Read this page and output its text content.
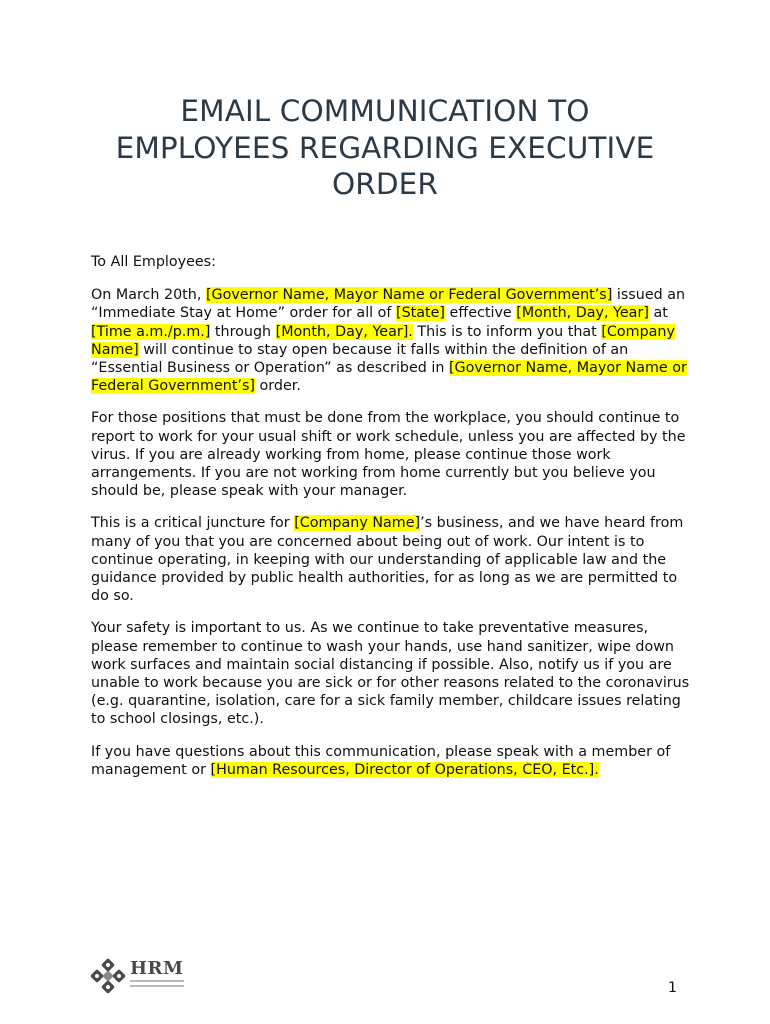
EMAIL COMMUNICATION TO
EMPLOYEES REGARDING EXECUTIVE
ORDER

To All Employees:

On March 20th, [Governor Name, Mayor Name or Federal Government’s] issued an “Immediate Stay at Home” order for all of [State] effective [Month, Day, Year] at [Time a.m./p.m.] through [Month, Day, Year]. This is to inform you that [Company Name] will continue to stay open because it falls within the definition of an “Essential Business or Operation” as described in [Governor Name, Mayor Name or Federal Government’s] order.

For those positions that must be done from the workplace, you should continue to report to work for your usual shift or work schedule, unless you are affected by the virus. If you are already working from home, please continue those work arrangements. If you are not working from home currently but you believe you should be, please speak with your manager.

This is a critical juncture for [Company Name]’s business, and we have heard from many of you that you are concerned about being out of work. Our intent is to continue operating, in keeping with our understanding of applicable law and the guidance provided by public health authorities, for as long as we are permitted to do so.

Your safety is important to us. As we continue to take preventative measures, please remember to continue to wash your hands, use hand sanitizer, wipe down work surfaces and maintain social distancing if possible. Also, notify us if you are unable to work because you are sick or for other reasons related to the coronavirus (e.g. quarantine, isolation, care for a sick family member, childcare issues relating to school closings, etc.).

If you have questions about this communication, please speak with a member of management or [Human Resources, Director of Operations, CEO, Etc.].

HRM
1
